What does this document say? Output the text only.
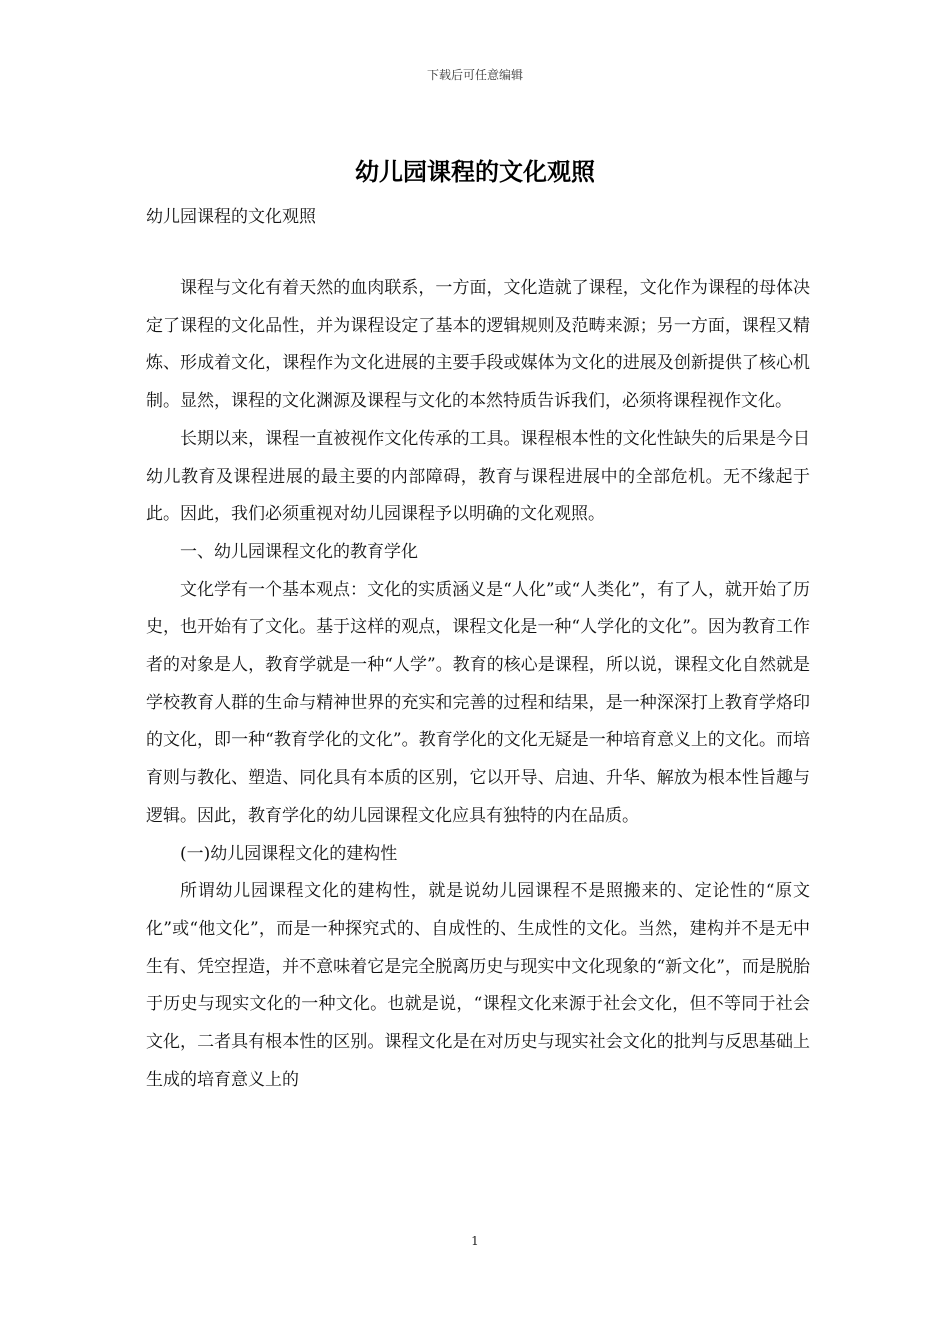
下载后可任意编辑
幼儿园课程的文化观照
幼儿园课程的文化观照

课程与文化有着天然的血肉联系，一方面，文化造就了课程，文化作为课程的母体决定了课程的文化品性，并为课程设定了基本的逻辑规则及范畴来源；另一方面，课程又精炼、形成着文化，课程作为文化进展的主要手段或媒体为文化的进展及创新提供了核心机制。显然，课程的文化渊源及课程与文化的本然特质告诉我们，必须将课程视作文化。

长期以来，课程一直被视作文化传承的工具。课程根本性的文化性缺失的后果是今日幼儿教育及课程进展的最主要的内部障碍，教育与课程进展中的全部危机。无不缘起于此。因此，我们必须重视对幼儿园课程予以明确的文化观照。

一、幼儿园课程文化的教育学化

文化学有一个基本观点：文化的实质涵义是“人化”或“人类化”，有了人，就开始了历史，也开始有了文化。基于这样的观点，课程文化是一种“人学化的文化”。因为教育工作者的对象是人，教育学就是一种“人学”。教育的核心是课程，所以说，课程文化自然就是学校教育人群的生命与精神世界的充实和完善的过程和结果，是一种深深打上教育学烙印的文化，即一种“教育学化的文化”。教育学化的文化无疑是一种培育意义上的文化。而培育则与教化、塑造、同化具有本质的区别，它以开导、启迪、升华、解放为根本性旨趣与逻辑。因此，教育学化的幼儿园课程文化应具有独特的内在品质。

(一)幼儿园课程文化的建构性

所谓幼儿园课程文化的建构性，就是说幼儿园课程不是照搬来的、定论性的“原文化”或“他文化”，而是一种探究式的、自成性的、生成性的文化。当然，建构并不是无中生有、凭空捏造，并不意味着它是完全脱离历史与现实中文化现象的“新文化”，而是脱胎于历史与现实文化的一种文化。也就是说，“课程文化来源于社会文化，但不等同于社会文化，二者具有根本性的区别。课程文化是在对历史与现实社会文化的批判与反思基础上生成的培育意义上的

1
